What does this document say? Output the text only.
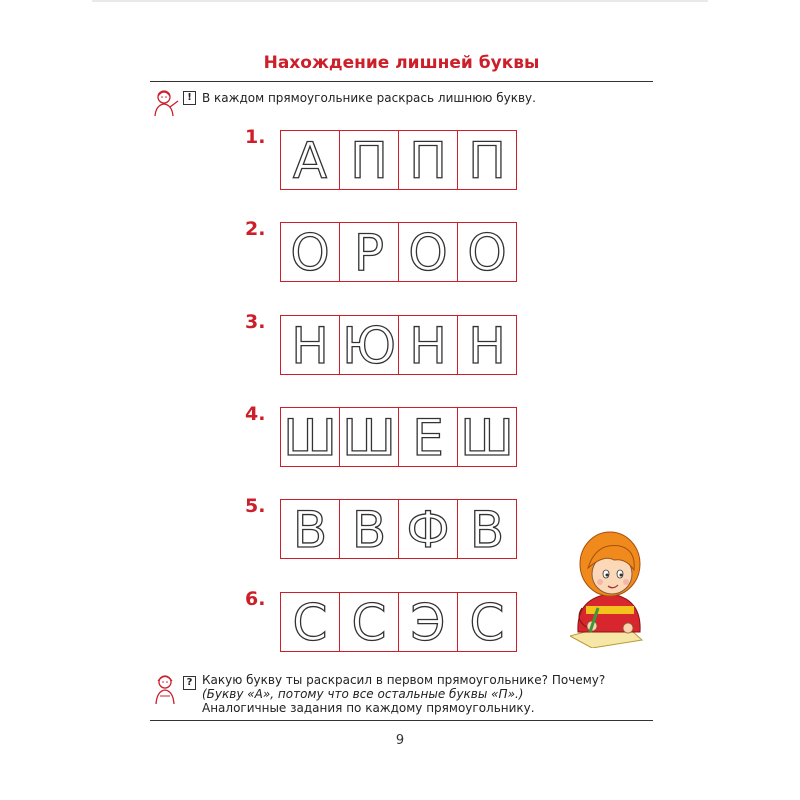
Нахождение лишней буквы
! В каждом прямоугольнике раскрась лишнюю букву.
1. А П П П
2. О Р О О
3. Н Ю Н Н
4. Ш Ш Е Ш
5. В В Ф В
6. С С Э С
? Какую букву ты раскрасил в первом прямоугольнике? Почему?
(Букву «А», потому что все остальные буквы «П».)
Аналогичные задания по каждому прямоугольнику.
9
